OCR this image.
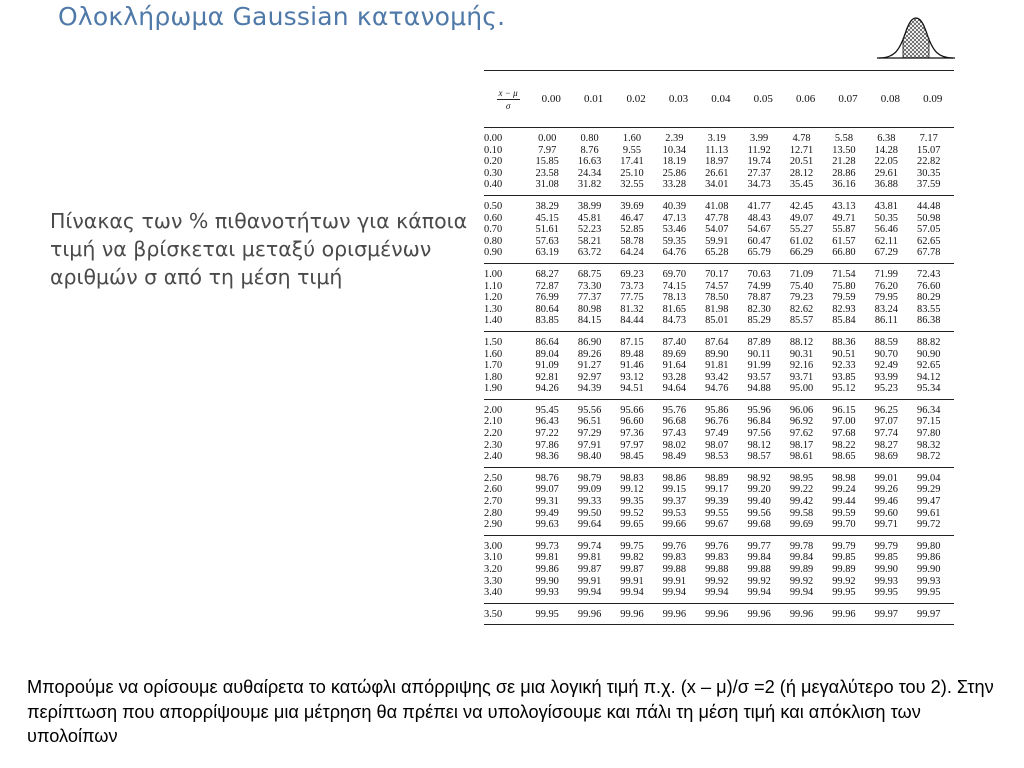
Ολοκλήρωμα Gaussian κατανομής.
Πίνακας των % πιθανοτήτων για κάποια τιμή να βρίσκεται μεταξύ ορισμένων αριθμών σ από τη μέση τιμή
$\frac{x - \mu}{\sigma}$	0.00	0.01	0.02	0.03	0.04	0.05	0.06	0.07	0.08	0.09
0.00	0.00	0.80	1.60	2.39	3.19	3.99	4.78	5.58	6.38	7.17
0.10	7.97	8.76	9.55	10.34	11.13	11.92	12.71	13.50	14.28	15.07
0.20	15.85	16.63	17.41	18.19	18.97	19.74	20.51	21.28	22.05	22.82
0.30	23.58	24.34	25.10	25.86	26.61	27.37	28.12	28.86	29.61	30.35
0.40	31.08	31.82	32.55	33.28	34.01	34.73	35.45	36.16	36.88	37.59
0.50	38.29	38.99	39.69	40.39	41.08	41.77	42.45	43.13	43.81	44.48
0.60	45.15	45.81	46.47	47.13	47.78	48.43	49.07	49.71	50.35	50.98
0.70	51.61	52.23	52.85	53.46	54.07	54.67	55.27	55.87	56.46	57.05
0.80	57.63	58.21	58.78	59.35	59.91	60.47	61.02	61.57	62.11	62.65
0.90	63.19	63.72	64.24	64.76	65.28	65.79	66.29	66.80	67.29	67.78
1.00	68.27	68.75	69.23	69.70	70.17	70.63	71.09	71.54	71.99	72.43
1.10	72.87	73.30	73.73	74.15	74.57	74.99	75.40	75.80	76.20	76.60
1.20	76.99	77.37	77.75	78.13	78.50	78.87	79.23	79.59	79.95	80.29
1.30	80.64	80.98	81.32	81.65	81.98	82.30	82.62	82.93	83.24	83.55
1.40	83.85	84.15	84.44	84.73	85.01	85.29	85.57	85.84	86.11	86.38
1.50	86.64	86.90	87.15	87.40	87.64	87.89	88.12	88.36	88.59	88.82
1.60	89.04	89.26	89.48	89.69	89.90	90.11	90.31	90.51	90.70	90.90
1.70	91.09	91.27	91.46	91.64	91.81	91.99	92.16	92.33	92.49	92.65
1.80	92.81	92.97	93.12	93.28	93.42	93.57	93.71	93.85	93.99	94.12
1.90	94.26	94.39	94.51	94.64	94.76	94.88	95.00	95.12	95.23	95.34
2.00	95.45	95.56	95.66	95.76	95.86	95.96	96.06	96.15	96.25	96.34
2.10	96.43	96.51	96.60	96.68	96.76	96.84	96.92	97.00	97.07	97.15
2.20	97.22	97.29	97.36	97.43	97.49	97.56	97.62	97.68	97.74	97.80
2.30	97.86	97.91	97.97	98.02	98.07	98.12	98.17	98.22	98.27	98.32
2.40	98.36	98.40	98.45	98.49	98.53	98.57	98.61	98.65	98.69	98.72
2.50	98.76	98.79	98.83	98.86	98.89	98.92	98.95	98.98	99.01	99.04
2.60	99.07	99.09	99.12	99.15	99.17	99.20	99.22	99.24	99.26	99.29
2.70	99.31	99.33	99.35	99.37	99.39	99.40	99.42	99.44	99.46	99.47
2.80	99.49	99.50	99.52	99.53	99.55	99.56	99.58	99.59	99.60	99.61
2.90	99.63	99.64	99.65	99.66	99.67	99.68	99.69	99.70	99.71	99.72
3.00	99.73	99.74	99.75	99.76	99.76	99.77	99.78	99.79	99.79	99.80
3.10	99.81	99.81	99.82	99.83	99.83	99.84	99.84	99.85	99.85	99.86
3.20	99.86	99.87	99.87	99.88	99.88	99.88	99.89	99.89	99.90	99.90
3.30	99.90	99.91	99.91	99.91	99.92	99.92	99.92	99.92	99.93	99.93
3.40	99.93	99.94	99.94	99.94	99.94	99.94	99.94	99.95	99.95	99.95
3.50	99.95	99.96	99.96	99.96	99.96	99.96	99.96	99.96	99.97	99.97
Μπορούμε να ορίσουμε αυθαίρετα το κατώφλι απόρριψης σε μια λογική τιμή π.χ. (x – μ)/σ =2 (ή μεγαλύτερο του 2). Στην περίπτωση που απορρίψουμε μια μέτρηση θα πρέπει να υπολογίσουμε και πάλι τη μέση τιμή και απόκλιση των υπολοίπων
